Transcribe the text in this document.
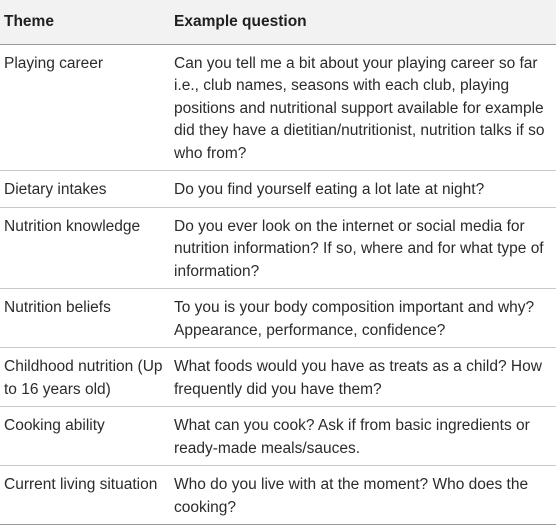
Theme	Example question
Playing career	Can you tell me a bit about your playing career so far i.e., club names, seasons with each club, playing positions and nutritional support available for example did they have a dietitian/nutritionist, nutrition talks if so who from?
Dietary intakes	Do you find yourself eating a lot late at night?
Nutrition knowledge	Do you ever look on the internet or social media for nutrition information? If so, where and for what type of information?
Nutrition beliefs	To you is your body composition important and why? Appearance, performance, confidence?
Childhood nutrition (Up to 16 years old)	What foods would you have as treats as a child? How frequently did you have them?
Cooking ability	What can you cook? Ask if from basic ingredients or ready-made meals/sauces.
Current living situation	Who do you live with at the moment? Who does the cooking?
